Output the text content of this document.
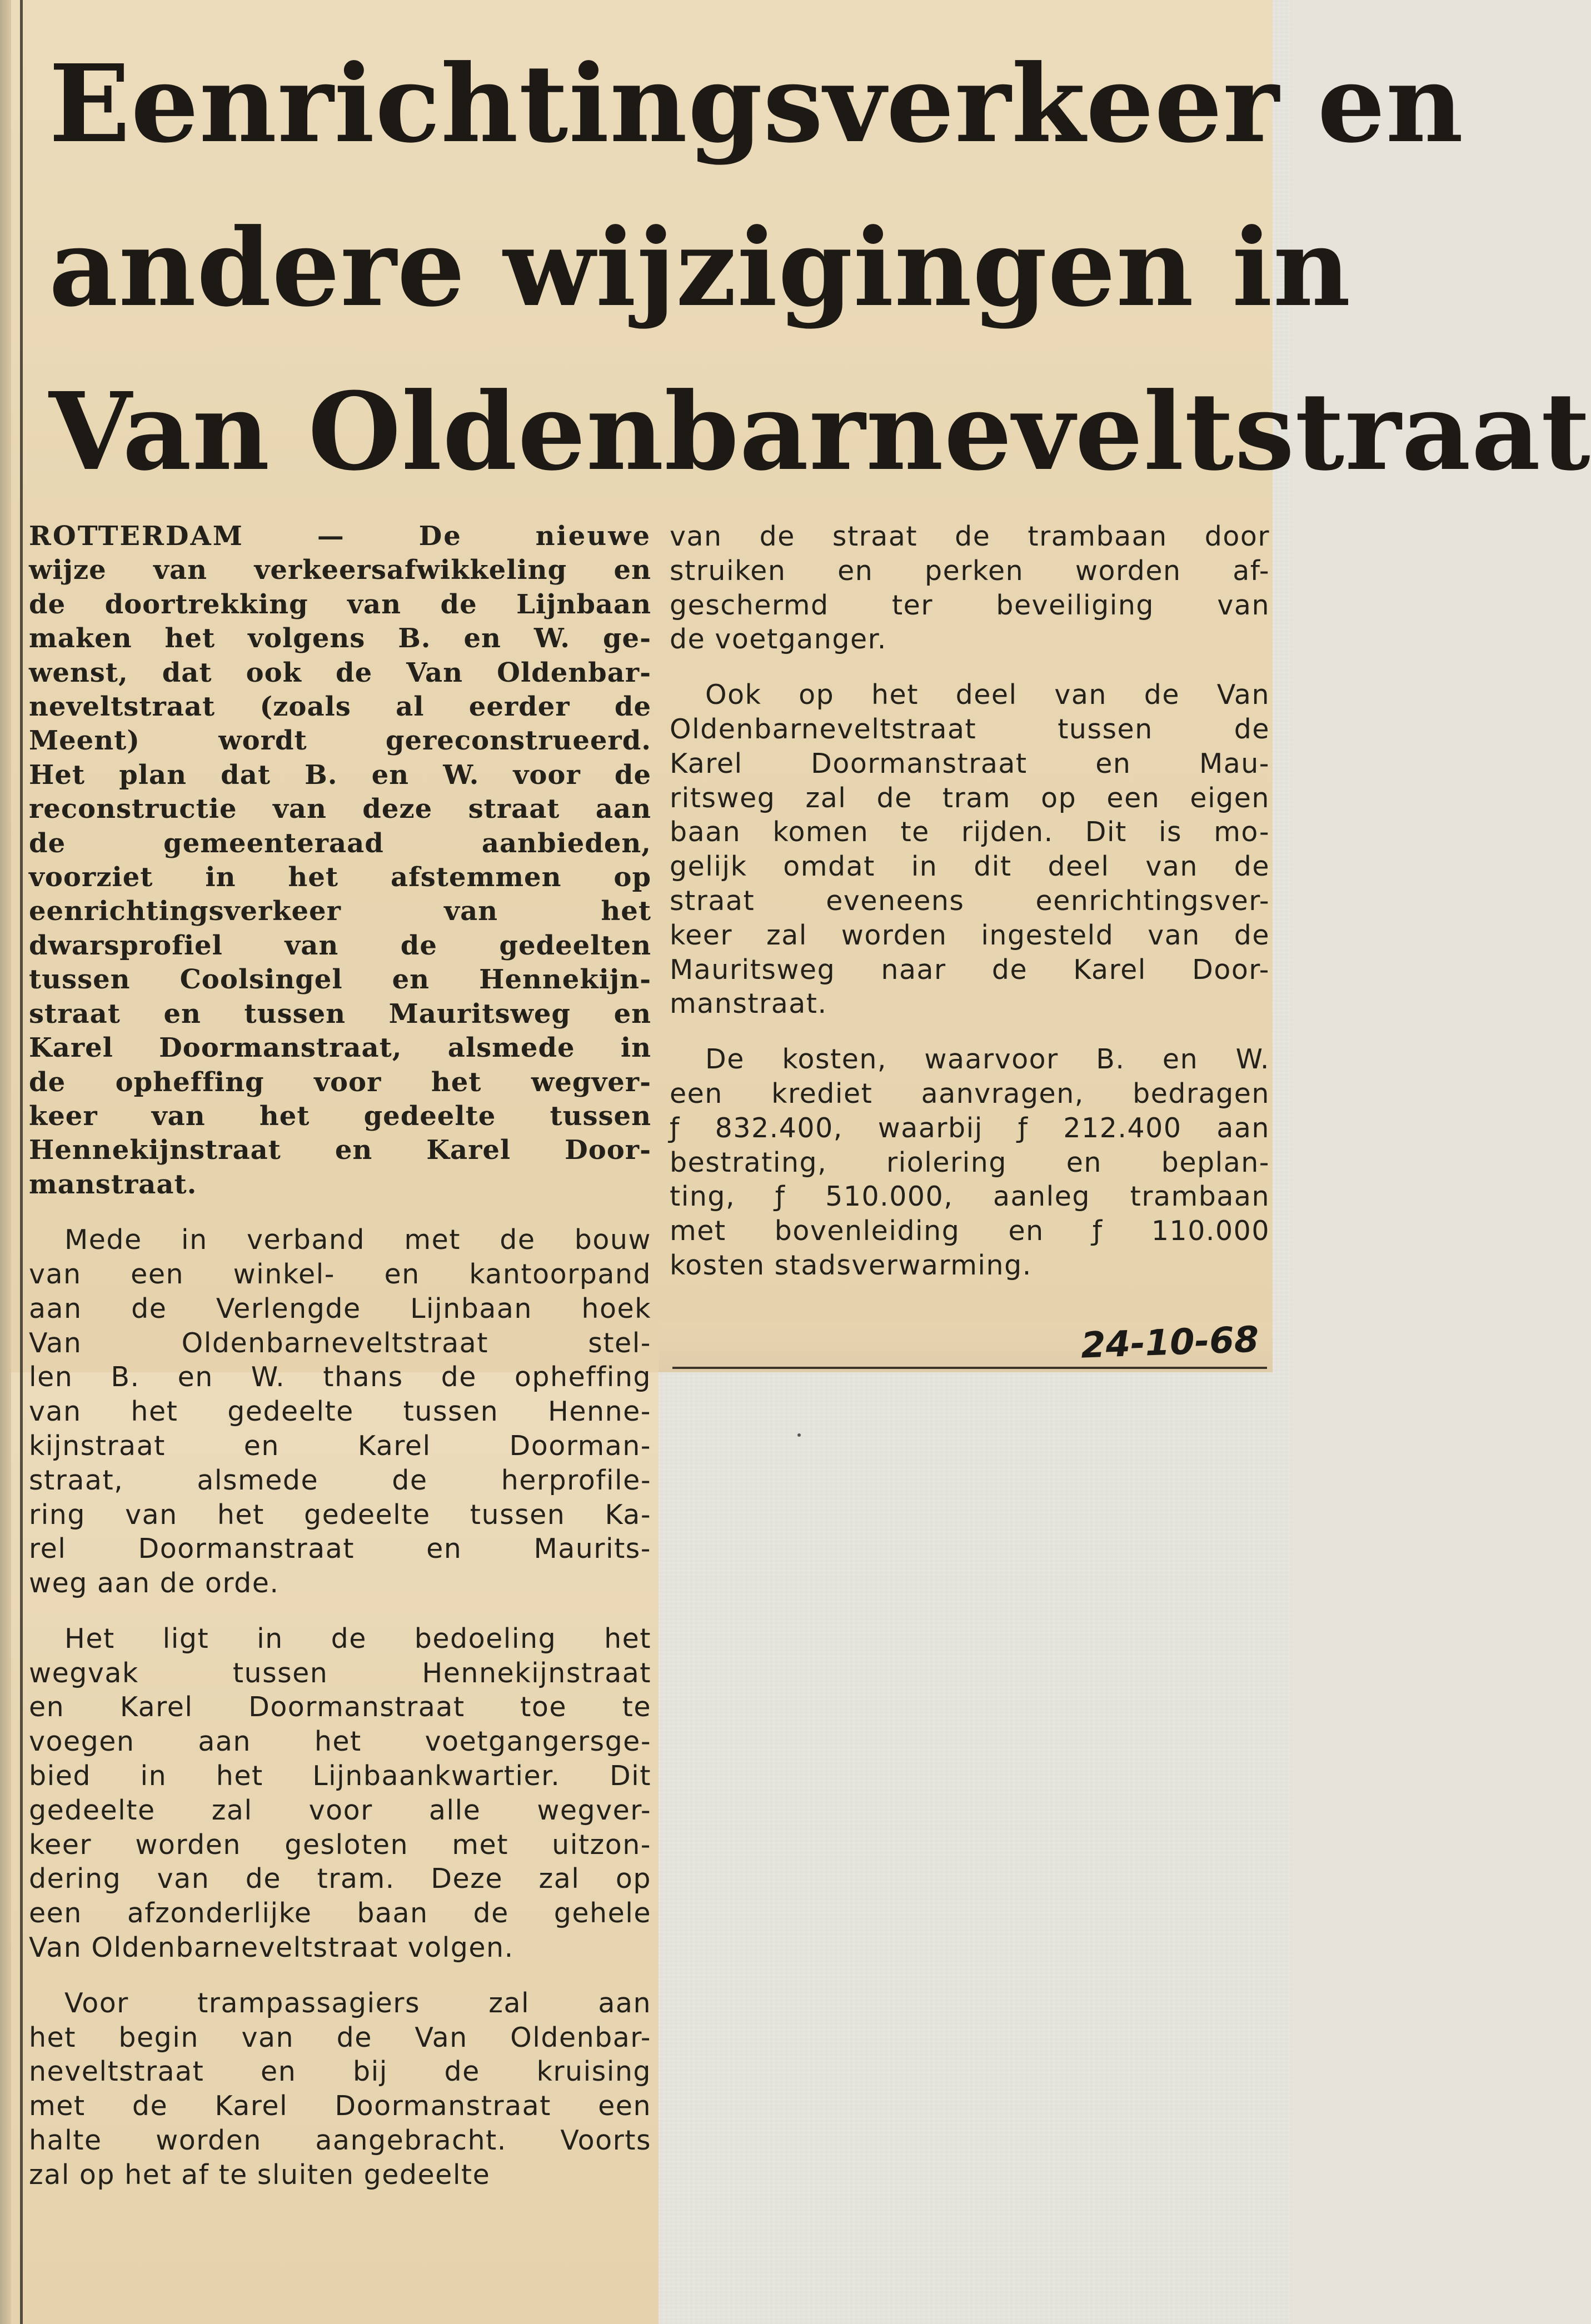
Eenrichtingsverkeer en
andere wijzigingen in
Van Oldenbarneveltstraat
ROTTERDAM — De nieuwe
wijze van verkeersafwikkeling en
de doortrekking van de Lijnbaan
maken het volgens B. en W. ge-
wenst, dat ook de Van Oldenbar-
neveltstraat (zoals al eerder de
Meent) wordt gereconstrueerd.
Het plan dat B. en W. voor de
reconstructie van deze straat aan
de gemeenteraad aanbieden,
voorziet in het afstemmen op
eenrichtingsverkeer van het
dwarsprofiel van de gedeelten
tussen Coolsingel en Hennekijn-
straat en tussen Mauritsweg en
Karel Doormanstraat, alsmede in
de opheffing voor het wegver-
keer van het gedeelte tussen
Hennekijnstraat en Karel Door-
manstraat.
Mede in verband met de bouw
van een winkel- en kantoorpand
aan de Verlengde Lijnbaan hoek
Van Oldenbarneveltstraat stel-
len B. en W. thans de opheffing
van het gedeelte tussen Henne-
kijnstraat en Karel Doorman-
straat, alsmede de herprofile-
ring van het gedeelte tussen Ka-
rel Doormanstraat en Maurits-
weg aan de orde.
Het ligt in de bedoeling het
wegvak tussen Hennekijnstraat
en Karel Doormanstraat toe te
voegen aan het voetgangersge-
bied in het Lijnbaankwartier. Dit
gedeelte zal voor alle wegver-
keer worden gesloten met uitzon-
dering van de tram. Deze zal op
een afzonderlijke baan de gehele
Van Oldenbarneveltstraat volgen.
Voor trampassagiers zal aan
het begin van de Van Oldenbar-
neveltstraat en bij de kruising
met de Karel Doormanstraat een
halte worden aangebracht. Voorts
zal op het af te sluiten gedeelte
van de straat de trambaan door
struiken en perken worden af-
geschermd ter beveiliging van
de voetganger.
Ook op het deel van de Van
Oldenbarneveltstraat tussen de
Karel Doormanstraat en Mau-
ritsweg zal de tram op een eigen
baan komen te rijden. Dit is mo-
gelijk omdat in dit deel van de
straat eveneens eenrichtingsver-
keer zal worden ingesteld van de
Mauritsweg naar de Karel Door-
manstraat.
De kosten, waarvoor B. en W.
een krediet aanvragen, bedragen
ƒ 832.400, waarbij ƒ 212.400 aan
bestrating, riolering en beplan-
ting, ƒ 510.000, aanleg trambaan
met bovenleiding en ƒ 110.000
kosten stadsverwarming.
24-10-68
